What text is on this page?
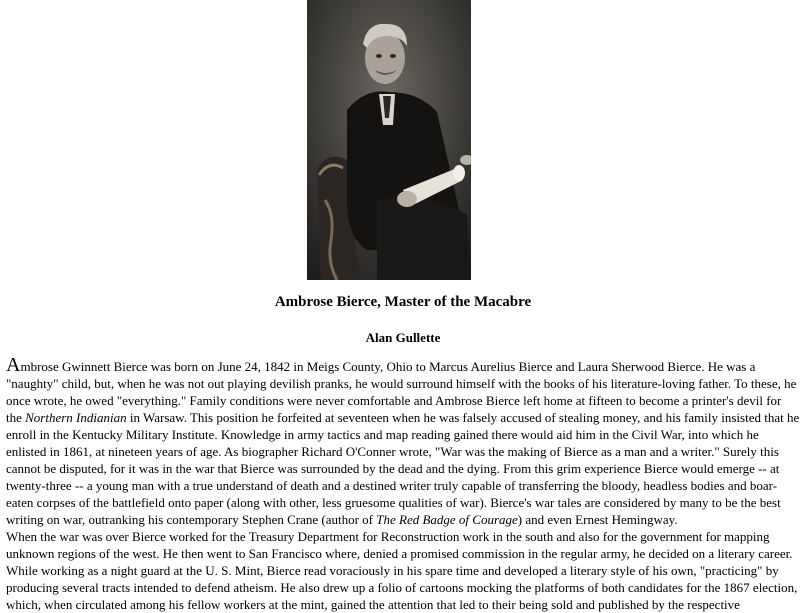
Ambrose Bierce, Master of the Macabre
Alan Gullette

Ambrose Gwinnett Bierce was born on June 24, 1842 in Meigs County, Ohio to Marcus Aurelius Bierce and Laura Sherwood Bierce. He was a "naughty" child, but, when he was not out playing devilish pranks, he would surround himself with the books of his literature-loving father. To these, he once wrote, he owed "everything." Family conditions were never comfortable and Ambrose Bierce left home at fifteen to become a printer's devil for the Northern Indianian in Warsaw. This position he forfeited at seventeen when he was falsely accused of stealing money, and his family insisted that he enroll in the Kentucky Military Institute. Knowledge in army tactics and map reading gained there would aid him in the Civil War, into which he enlisted in 1861, at nineteen years of age. As biographer Richard O'Conner wrote, "War was the making of Bierce as a man and a writer." Surely this cannot be disputed, for it was in the war that Bierce was surrounded by the dead and the dying. From this grim experience Bierce would emerge -- at twenty-three -- a young man with a true understand of death and a destined writer truly capable of transferring the bloody, headless bodies and boar-eaten corpses of the battlefield onto paper (along with other, less gruesome qualities of war). Bierce's war tales are considered by many to be the best writing on war, outranking his contemporary Stephen Crane (author of The Red Badge of Courage) and even Ernest Hemingway.

When the war was over Bierce worked for the Treasury Department for Reconstruction work in the south and also for the government for mapping unknown regions of the west. He then went to San Francisco where, denied a promised commission in the regular army, he decided on a literary career. While working as a night guard at the U. S. Mint, Bierce read voraciously in his spare time and developed a literary style of his own, "practicing" by producing several tracts intended to defend atheism. He also drew up a folio of cartoons mocking the platforms of both candidates for the 1867 election, which, when circulated among his fellow workers at the mint, gained the attention that led to their being sold and published by the respective
